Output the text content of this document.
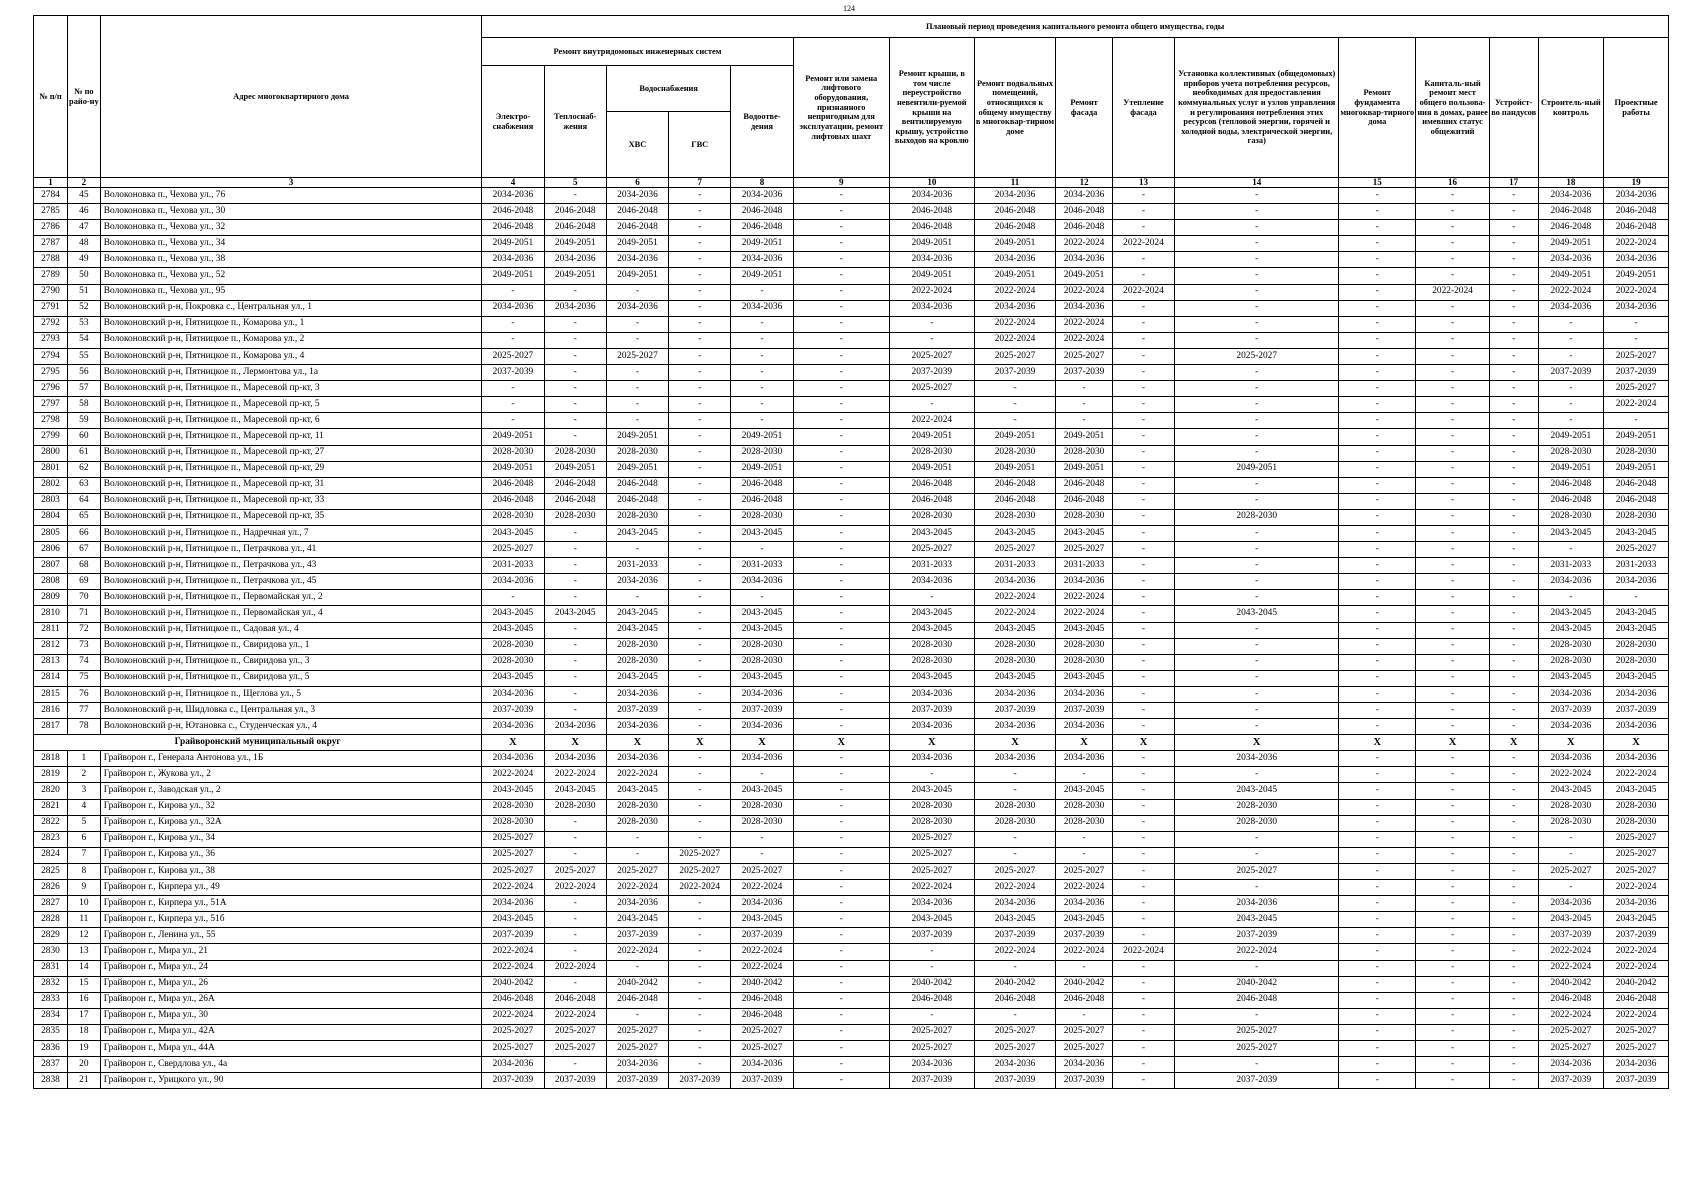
124
№ п/п	№ по райо-ну	Адрес многоквартирного дома	Плановый период проведения капитального ремонта общего имущества, годы															
			Ремонт внутридомовых инженерных систем					Ремонт или замена лифтового оборудования, признанного непригодным для эксплуатации, ремонт лифтовых шахт	Ремонт крыши, в том числе переустройство невентили-руемой крыши на вентилируемую крышу, устройство выходов на кровлю	Ремонт подвальных помещений, относящихся к общему имуществу в многоквар-тирном доме	Ремонт фасада	Утепление фасада	Установка коллективных (общедомовых) приборов учета потребления ресурсов, необходимых для предоставления коммунальных услуг и узлов управления и регулирования потребления этих ресурсов (тепловой энергии, горячей и холодной воды, электрической энергии, газа)	Ремонт фундамента многоквар-тирного дома	Капиталь-ный ремонт мест общего пользова-ния в домах, ранее имевших статус общежитий	Устройст-во пандусов	Строитель-ный контроль	Проектные работы
			Электро-снабжения	Теплоснаб-жения	Водоснабжения		Водоотве-дения											
					ХВС	ГВС												
1	2	3	4	5	6	7	8	9	10	11	12	13	14	15	16	17	18	19
2784	45	Волоконовка п., Чехова ул., 76	2034-2036	-	2034-2036	-	2034-2036	-	2034-2036	2034-2036	2034-2036	-	-	-	-	-	2034-2036	2034-2036
2785	46	Волоконовка п., Чехова ул., 30	2046-2048	2046-2048	2046-2048	-	2046-2048	-	2046-2048	2046-2048	2046-2048	-	-	-	-	-	2046-2048	2046-2048
2786	47	Волоконовка п., Чехова ул., 32	2046-2048	2046-2048	2046-2048	-	2046-2048	-	2046-2048	2046-2048	2046-2048	-	-	-	-	-	2046-2048	2046-2048
2787	48	Волоконовка п., Чехова ул., 34	2049-2051	2049-2051	2049-2051	-	2049-2051	-	2049-2051	2049-2051	2022-2024	2022-2024	-	-	-	-	2049-2051	2022-2024
2788	49	Волоконовка п., Чехова ул., 38	2034-2036	2034-2036	2034-2036	-	2034-2036	-	2034-2036	2034-2036	2034-2036	-	-	-	-	-	2034-2036	2034-2036
2789	50	Волоконовка п., Чехова ул., 52	2049-2051	2049-2051	2049-2051	-	2049-2051	-	2049-2051	2049-2051	2049-2051	-	-	-	-	-	2049-2051	2049-2051
2790	51	Волоконовка п., Чехова ул., 95	-	-	-	-	-	-	2022-2024	2022-2024	2022-2024	2022-2024	-	-	2022-2024	-	2022-2024	2022-2024
2791	52	Волоконовский р-н, Покровка с., Центральная ул., 1	2034-2036	2034-2036	2034-2036	-	2034-2036	-	2034-2036	2034-2036	2034-2036	-	-	-	-	-	2034-2036	2034-2036
2792	53	Волоконовский р-н, Пятницкое п., Комарова ул., 1	-	-	-	-	-	-	-	2022-2024	2022-2024	-	-	-	-	-	-	-
2793	54	Волоконовский р-н, Пятницкое п., Комарова ул., 2	-	-	-	-	-	-	-	2022-2024	2022-2024	-	-	-	-	-	-	-
2794	55	Волоконовский р-н, Пятницкое п., Комарова ул., 4	2025-2027	-	2025-2027	-	-	-	2025-2027	2025-2027	2025-2027	-	2025-2027	-	-	-	-	2025-2027
2795	56	Волоконовский р-н, Пятницкое п., Лермонтова ул., 1а	2037-2039	-	-	-	-	-	2037-2039	2037-2039	2037-2039	-	-	-	-	-	2037-2039	2037-2039
2796	57	Волоконовский р-н, Пятницкое п., Маресевой пр-кт, 3	-	-	-	-	-	-	2025-2027	-	-	-	-	-	-	-	-	2025-2027
2797	58	Волоконовский р-н, Пятницкое п., Маресевой пр-кт, 5	-	-	-	-	-	-	-	-	-	-	-	-	-	-	-	2022-2024
2798	59	Волоконовский р-н, Пятницкое п., Маресевой пр-кт, 6	-	-	-	-	-	-	2022-2024	-	-	-	-	-	-	-	-	-
2799	60	Волоконовский р-н, Пятницкое п., Маресевой пр-кт, 11	2049-2051	-	2049-2051	-	2049-2051	-	2049-2051	2049-2051	2049-2051	-	-	-	-	-	2049-2051	2049-2051
2800	61	Волоконовский р-н, Пятницкое п., Маресевой пр-кт, 27	2028-2030	2028-2030	2028-2030	-	2028-2030	-	2028-2030	2028-2030	2028-2030	-	-	-	-	-	2028-2030	2028-2030
2801	62	Волоконовский р-н, Пятницкое п., Маресевой пр-кт, 29	2049-2051	2049-2051	2049-2051	-	2049-2051	-	2049-2051	2049-2051	2049-2051	-	2049-2051	-	-	-	2049-2051	2049-2051
2802	63	Волоконовский р-н, Пятницкое п., Маресевой пр-кт, 31	2046-2048	2046-2048	2046-2048	-	2046-2048	-	2046-2048	2046-2048	2046-2048	-	-	-	-	-	2046-2048	2046-2048
2803	64	Волоконовский р-н, Пятницкое п., Маресевой пр-кт, 33	2046-2048	2046-2048	2046-2048	-	2046-2048	-	2046-2048	2046-2048	2046-2048	-	-	-	-	-	2046-2048	2046-2048
2804	65	Волоконовский р-н, Пятницкое п., Маресевой пр-кт, 35	2028-2030	2028-2030	2028-2030	-	2028-2030	-	2028-2030	2028-2030	2028-2030	-	2028-2030	-	-	-	2028-2030	2028-2030
2805	66	Волоконовский р-н, Пятницкое п., Надречная ул., 7	2043-2045	-	2043-2045	-	2043-2045	-	2043-2045	2043-2045	2043-2045	-	-	-	-	-	2043-2045	2043-2045
2806	67	Волоконовский р-н, Пятницкое п., Петрачкова ул., 41	2025-2027	-	-	-	-	-	2025-2027	2025-2027	2025-2027	-	-	-	-	-	-	2025-2027
2807	68	Волоконовский р-н, Пятницкое п., Петрачкова ул., 43	2031-2033	-	2031-2033	-	2031-2033	-	2031-2033	2031-2033	2031-2033	-	-	-	-	-	2031-2033	2031-2033
2808	69	Волоконовский р-н, Пятницкое п., Петрачкова ул., 45	2034-2036	-	2034-2036	-	2034-2036	-	2034-2036	2034-2036	2034-2036	-	-	-	-	-	2034-2036	2034-2036
2809	70	Волоконовский р-н, Пятницкое п., Первомайская ул., 2	-	-	-	-	-	-	-	2022-2024	2022-2024	-	-	-	-	-	-	-
2810	71	Волоконовский р-н, Пятницкое п., Первомайская ул., 4	2043-2045	2043-2045	2043-2045	-	2043-2045	-	2043-2045	2022-2024	2022-2024	-	2043-2045	-	-	-	2043-2045	2043-2045
2811	72	Волоконовский р-н, Пятницкое п., Садовая ул., 4	2043-2045	-	2043-2045	-	2043-2045	-	2043-2045	2043-2045	2043-2045	-	-	-	-	-	2043-2045	2043-2045
2812	73	Волоконовский р-н, Пятницкое п., Свиридова ул., 1	2028-2030	-	2028-2030	-	2028-2030	-	2028-2030	2028-2030	2028-2030	-	-	-	-	-	2028-2030	2028-2030
2813	74	Волоконовский р-н, Пятницкое п., Свиридова ул., 3	2028-2030	-	2028-2030	-	2028-2030	-	2028-2030	2028-2030	2028-2030	-	-	-	-	-	2028-2030	2028-2030
2814	75	Волоконовский р-н, Пятницкое п., Свиридова ул., 5	2043-2045	-	2043-2045	-	2043-2045	-	2043-2045	2043-2045	2043-2045	-	-	-	-	-	2043-2045	2043-2045
2815	76	Волоконовский р-н, Пятницкое п., Щеглова ул., 5	2034-2036	-	2034-2036	-	2034-2036	-	2034-2036	2034-2036	2034-2036	-	-	-	-	-	2034-2036	2034-2036
2816	77	Волоконовский р-н, Шидловка с., Центральная ул., 3	2037-2039	-	2037-2039	-	2037-2039	-	2037-2039	2037-2039	2037-2039	-	-	-	-	-	2037-2039	2037-2039
2817	78	Волоконовский р-н, Ютановка с., Студенческая ул., 4	2034-2036	2034-2036	2034-2036	-	2034-2036	-	2034-2036	2034-2036	2034-2036	-	-	-	-	-	2034-2036	2034-2036
Грайворонский муниципальный округ			X	X	X	X	X	X	X	X	X	X	X	X	X	X	X	X
2818	1	Грайворон г., Генерала Антонова ул., 1Б	2034-2036	2034-2036	2034-2036	-	2034-2036	-	2034-2036	2034-2036	2034-2036	-	2034-2036	-	-	-	2034-2036	2034-2036
2819	2	Грайворон г., Жукова ул., 2	2022-2024	2022-2024	2022-2024	-	-	-	-	-	-	-	-	-	-	-	2022-2024	2022-2024
2820	3	Грайворон г., Заводская ул., 2	2043-2045	2043-2045	2043-2045	-	2043-2045	-	2043-2045	-	2043-2045	-	2043-2045	-	-	-	2043-2045	2043-2045
2821	4	Грайворон г., Кирова ул., 32	2028-2030	2028-2030	2028-2030	-	2028-2030	-	2028-2030	2028-2030	2028-2030	-	2028-2030	-	-	-	2028-2030	2028-2030
2822	5	Грайворон г., Кирова ул., 32А	2028-2030	-	2028-2030	-	2028-2030	-	2028-2030	2028-2030	2028-2030	-	2028-2030	-	-	-	2028-2030	2028-2030
2823	6	Грайворон г., Кирова ул., 34	2025-2027	-	-	-	-	-	2025-2027	-	-	-	-	-	-	-	-	2025-2027
2824	7	Грайворон г., Кирова ул., 36	2025-2027	-	-	2025-2027	-	-	2025-2027	-	-	-	-	-	-	-	-	2025-2027
2825	8	Грайворон г., Кирова ул., 38	2025-2027	2025-2027	2025-2027	2025-2027	2025-2027	-	2025-2027	2025-2027	2025-2027	-	2025-2027	-	-	-	2025-2027	2025-2027
2826	9	Грайворон г., Кирпера ул., 49	2022-2024	2022-2024	2022-2024	2022-2024	2022-2024	-	2022-2024	2022-2024	2022-2024	-	-	-	-	-	-	2022-2024
2827	10	Грайворон г., Кирпера ул., 51А	2034-2036	-	2034-2036	-	2034-2036	-	2034-2036	2034-2036	2034-2036	-	2034-2036	-	-	-	2034-2036	2034-2036
2828	11	Грайворон г., Кирпера ул., 51б	2043-2045	-	2043-2045	-	2043-2045	-	2043-2045	2043-2045	2043-2045	-	2043-2045	-	-	-	2043-2045	2043-2045
2829	12	Грайворон г., Ленина ул., 55	2037-2039	-	2037-2039	-	2037-2039	-	2037-2039	2037-2039	2037-2039	-	2037-2039	-	-	-	2037-2039	2037-2039
2830	13	Грайворон г., Мира ул., 21	2022-2024	-	2022-2024	-	2022-2024	-	-	2022-2024	2022-2024	2022-2024	2022-2024	-	-	-	2022-2024	2022-2024
2831	14	Грайворон г., Мира ул., 24	2022-2024	2022-2024	-	-	2022-2024	-	-	-	-	-	-	-	-	-	2022-2024	2022-2024
2832	15	Грайворон г., Мира ул., 26	2040-2042	-	2040-2042	-	2040-2042	-	2040-2042	2040-2042	2040-2042	-	2040-2042	-	-	-	2040-2042	2040-2042
2833	16	Грайворон г., Мира ул., 26А	2046-2048	2046-2048	2046-2048	-	2046-2048	-	2046-2048	2046-2048	2046-2048	-	2046-2048	-	-	-	2046-2048	2046-2048
2834	17	Грайворон г., Мира ул., 30	2022-2024	2022-2024	-	-	2046-2048	-	-	-	-	-	-	-	-	-	2022-2024	2022-2024
2835	18	Грайворон г., Мира ул., 42А	2025-2027	2025-2027	2025-2027	-	2025-2027	-	2025-2027	2025-2027	2025-2027	-	2025-2027	-	-	-	2025-2027	2025-2027
2836	19	Грайворон г., Мира ул., 44А	2025-2027	2025-2027	2025-2027	-	2025-2027	-	2025-2027	2025-2027	2025-2027	-	2025-2027	-	-	-	2025-2027	2025-2027
2837	20	Грайворон г., Свердлова ул., 4а	2034-2036	-	2034-2036	-	2034-2036	-	2034-2036	2034-2036	2034-2036	-	-	-	-	-	2034-2036	2034-2036
2838	21	Грайворон г., Урицкого ул., 90	2037-2039	2037-2039	2037-2039	2037-2039	2037-2039	-	2037-2039	2037-2039	2037-2039	-	2037-2039	-	-	-	2037-2039	2037-2039
